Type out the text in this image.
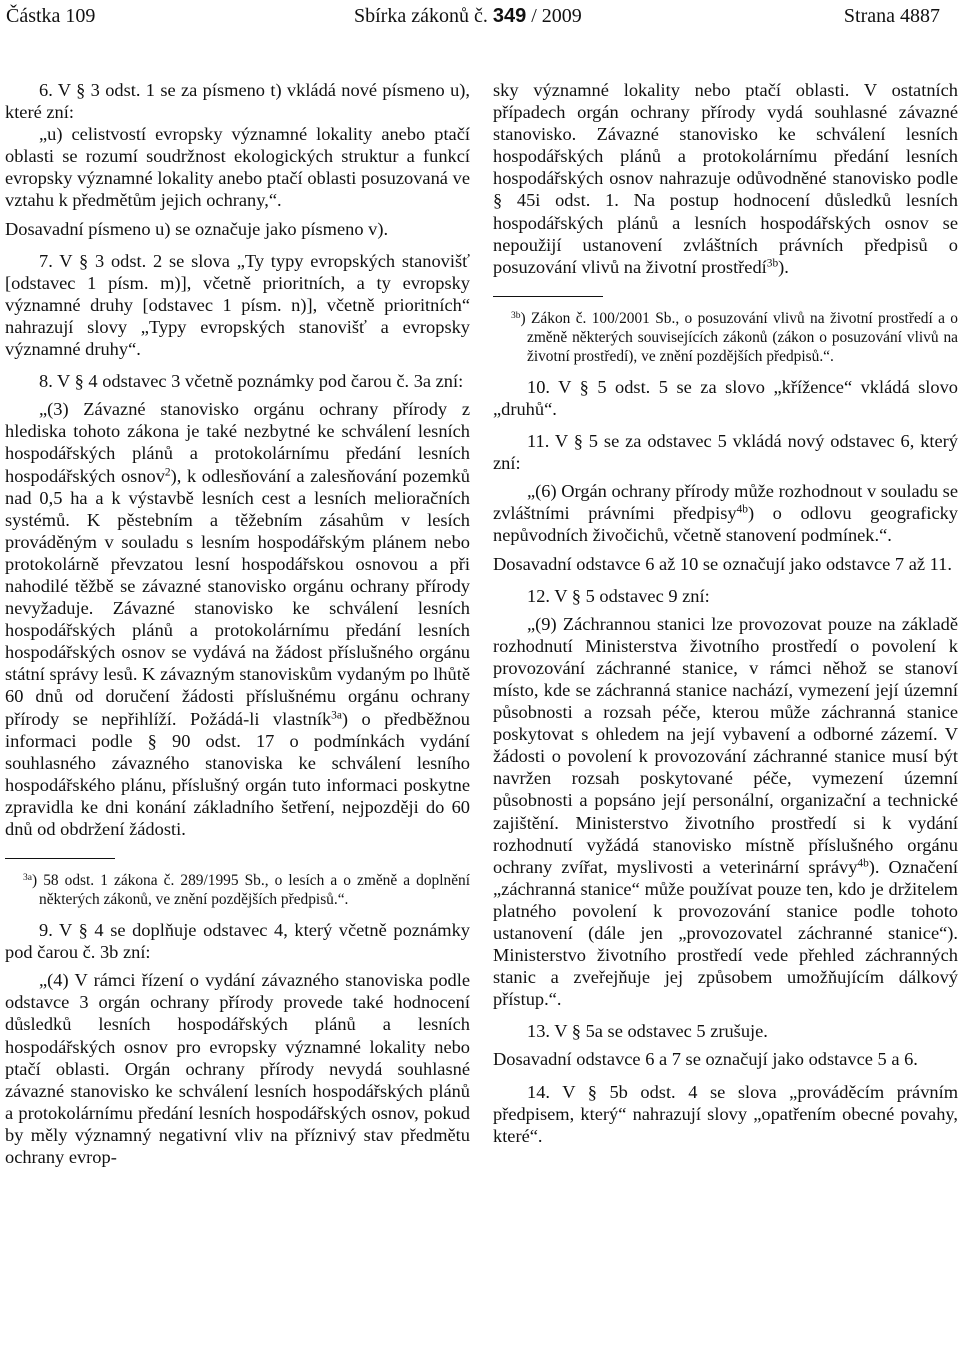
Částka 109	Sbírka zákonů č. 349 / 2009	Strana 4887

6. V § 3 odst. 1 se za písmeno t) vkládá nové písmeno u), které zní:

„u) celistvostí evropsky významné lokality anebo ptačí oblasti se rozumí soudržnost ekologických struktur a funkcí evropsky významné lokality anebo ptačí oblasti posuzovaná ve vztahu k předmětům jejich ochrany,“.

Dosavadní písmeno u) se označuje jako písmeno v).

7. V § 3 odst. 2 se slova „Ty typy evropských stanovišť [odstavec 1 písm. m)], včetně prioritních, a ty evropsky významné druhy [odstavec 1 písm. n)], včetně prioritních“ nahrazují slovy „Typy evropských stanovišť a evropsky významné druhy“.

8. V § 4 odstavec 3 včetně poznámky pod čarou č. 3a zní:

„(3) Závazné stanovisko orgánu ochrany přírody z hlediska tohoto zákona je také nezbytné ke schválení lesních hospodářských plánů a protokolárnímu předání lesních hospodářských osnov$^2$), k odlesňování a zalesňování pozemků nad 0,5 ha a k výstavbě lesních cest a lesních melioračních systémů. K pěstebním a těžebním zásahům v lesích prováděným v souladu s lesním hospodářským plánem nebo protokolárně převzatou lesní hospodářskou osnovou a při nahodilé těžbě se závazné stanovisko orgánu ochrany přírody nevyžaduje. Závazné stanovisko ke schválení lesních hospodářských plánů a protokolárnímu předání lesních hospodářských osnov se vydává na žádost příslušného orgánu státní správy lesů. K závazným stanoviskům vydaným po lhůtě 60 dnů od doručení žádosti příslušnému orgánu ochrany přírody se nepřihlíží. Požádá-li vlastník$^{3a}$) o předběžnou informaci podle § 90 odst. 17 o podmínkách vydání souhlasného závazného stanoviska ke schválení lesního hospodářského plánu, příslušný orgán tuto informaci poskytne zpravidla ke dni konání základního šetření, nejpozději do 60 dnů od obdržení žádosti.

$^{3a}$) 58 odst. 1 zákona č. 289/1995 Sb., o lesích a o změně a doplnění některých zákonů, ve znění pozdějších předpisů.“.

9. V § 4 se doplňuje odstavec 4, který včetně poznámky pod čarou č. 3b zní:

„(4) V rámci řízení o vydání závazného stanoviska podle odstavce 3 orgán ochrany přírody provede také hodnocení důsledků lesních hospodářských plánů a lesních hospodářských osnov pro evropsky významné lokality nebo ptačí oblasti. Orgán ochrany přírody nevydá souhlasné závazné stanovisko ke schválení lesních hospodářských plánů a protokolárnímu předání lesních hospodářských osnov, pokud by měly významný negativní vliv na příznivý stav předmětu ochrany evrop-

sky významné lokality nebo ptačí oblasti. V ostatních případech orgán ochrany přírody vydá souhlasné závazné stanovisko. Závazné stanovisko ke schválení lesních hospodářských plánů a protokolárnímu předání lesních hospodářských osnov nahrazuje odůvodněné stanovisko podle § 45i odst. 1. Na postup hodnocení důsledků lesních hospodářských plánů a lesních hospodářských osnov se nepoužijí ustanovení zvláštních právních předpisů o posuzování vlivů na životní prostředí$^{3b}$).

$^{3b}$) Zákon č. 100/2001 Sb., o posuzování vlivů na životní prostředí a o změně některých souvisejících zákonů (zákon o posuzování vlivů na životní prostředí), ve znění pozdějších předpisů.“.

10. V § 5 odst. 5 se za slovo „křížence“ vkládá slovo „druhů“.

11. V § 5 se za odstavec 5 vkládá nový odstavec 6, který zní:

„(6) Orgán ochrany přírody může rozhodnout v souladu se zvláštními právními předpisy$^{4b}$) o odlovu geograficky nepůvodních živočichů, včetně stanovení podmínek.“.

Dosavadní odstavce 6 až 10 se označují jako odstavce 7 až 11.

12. V § 5 odstavec 9 zní:

„(9) Záchrannou stanici lze provozovat pouze na základě rozhodnutí Ministerstva životního prostředí o povolení k provozování záchranné stanice, v rámci něhož se stanoví místo, kde se záchranná stanice nachází, vymezení její územní působnosti a rozsah péče, kterou může záchranná stanice poskytovat s ohledem na její vybavení a odborné zázemí. V žádosti o povolení k provozování záchranné stanice musí být navržen rozsah poskytované péče, vymezení územní působnosti a popsáno její personální, organizační a technické zajištění. Ministerstvo životního prostředí si k vydání rozhodnutí vyžádá stanovisko místně příslušného orgánu ochrany zvířat, myslivosti a veterinární správy$^{4b}$). Označení „záchranná stanice“ může používat pouze ten, kdo je držitelem platného povolení k provozování stanice podle tohoto ustanovení (dále jen „provozovatel záchranné stanice“). Ministerstvo životního prostředí vede přehled záchranných stanic a zveřejňuje jej způsobem umožňujícím dálkový přístup.“.

13. V § 5a se odstavec 5 zrušuje.

Dosavadní odstavce 6 a 7 se označují jako odstavce 5 a 6.

14. V § 5b odst. 4 se slova „prováděcím právním předpisem, který“ nahrazují slovy „opatřením obecné povahy, které“.
